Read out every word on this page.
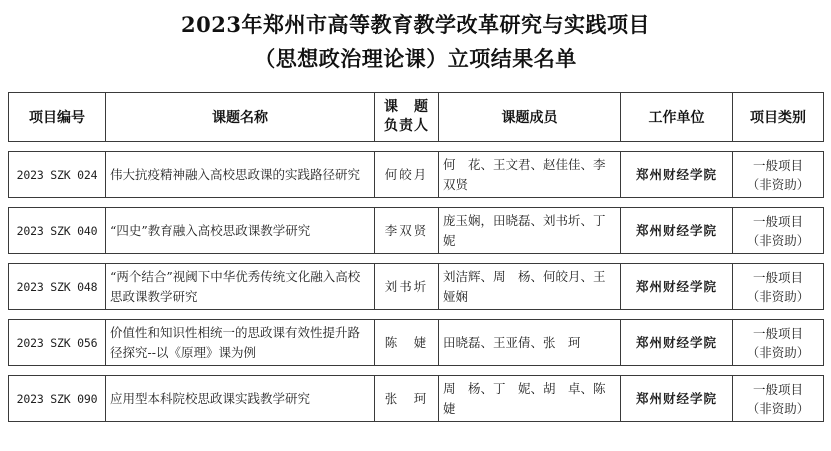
2023年郑州市高等教育教学改革研究与实践项目
（思想政治理论课）立项结果名单
项目编号	课题名称	课　题
负责人	课题成员	工作单位	项目类别

2023 SZK 024	伟大抗疫精神融入高校思政课的实践路径研究	何皎月	何　花、王文君、赵佳佳、李双贤	郑州财经学院	一般项目
（非资助）

2023 SZK 040	“四史”教育融入高校思政课教学研究	李双贤	庞玉娴，田晓磊、刘书圻、丁　妮	郑州财经学院	一般项目
（非资助）

2023 SZK 048	“两个结合”视阈下中华优秀传统文化融入高校思政课教学研究	刘书圻	刘洁辉、周　杨、何皎月、王娅娴	郑州财经学院	一般项目
（非资助）

2023 SZK 056	价值性和知识性相统一的思政课有效性提升路径探究--以《原理》课为例	陈　婕	田晓磊、王亚倩、张　珂	郑州财经学院	一般项目
（非资助）

2023 SZK 090	应用型本科院校思政课实践教学研究	张　珂	周　杨、丁　妮、胡　卓、陈　婕	郑州财经学院	一般项目
（非资助）
